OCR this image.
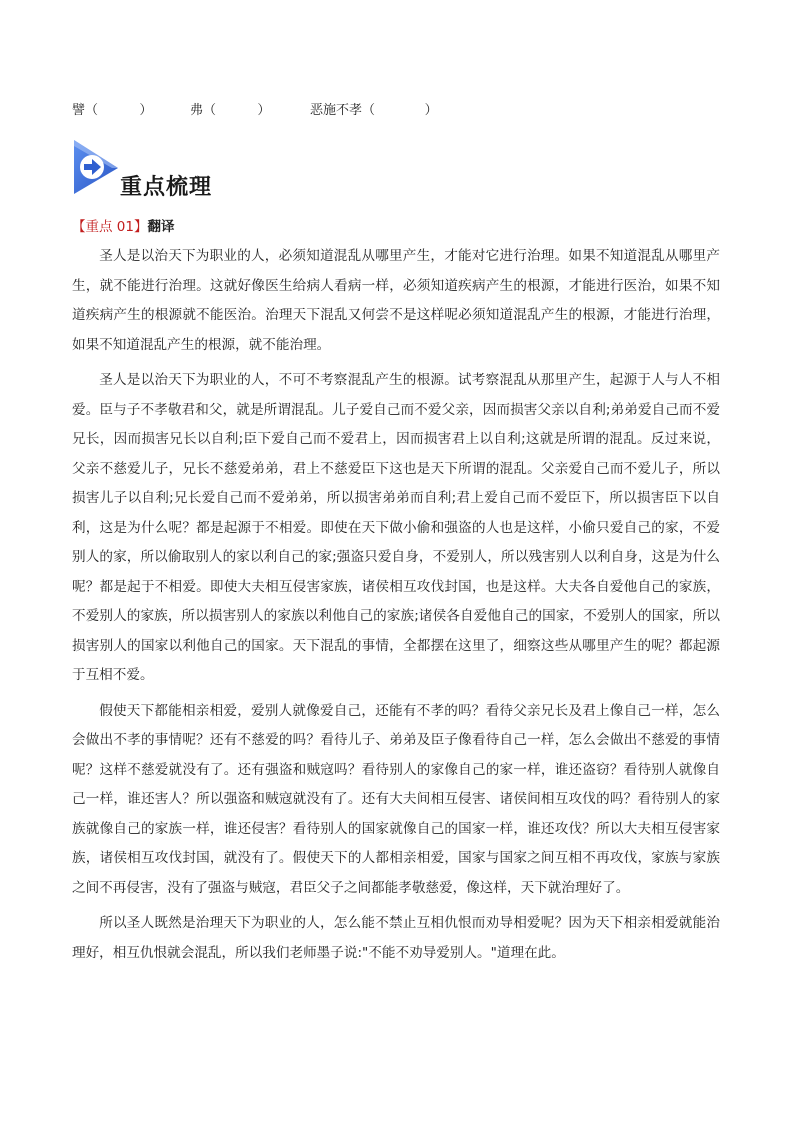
譬（          ）	弗（          ）	恶施不孝（            ）
重点梳理
【重点 01】翻译

圣人是以治天下为职业的人，必须知道混乱从哪里产生，才能对它进行治理。如果不知道混乱从哪里产生，就不能进行治理。这就好像医生给病人看病一样，必须知道疾病产生的根源，才能进行医治，如果不知道疾病产生的根源就不能医治。治理天下混乱又何尝不是这样呢必须知道混乱产生的根源，才能进行治理，如果不知道混乱产生的根源，就不能治理。

圣人是以治天下为职业的人，不可不考察混乱产生的根源。试考察混乱从那里产生，起源于人与人不相爱。臣与子不孝敬君和父，就是所谓混乱。儿子爱自己而不爱父亲，因而损害父亲以自利;弟弟爱自己而不爱兄长，因而损害兄长以自利;臣下爱自己而不爱君上，因而损害君上以自利;这就是所谓的混乱。反过来说，父亲不慈爱儿子，兄长不慈爱弟弟，君上不慈爱臣下这也是天下所谓的混乱。父亲爱自己而不爱儿子，所以损害儿子以自利;兄长爱自己而不爱弟弟，所以损害弟弟而自利;君上爱自己而不爱臣下，所以损害臣下以自利，这是为什么呢？都是起源于不相爱。即使在天下做小偷和强盗的人也是这样，小偷只爱自己的家，不爱别人的家，所以偷取别人的家以利自己的家;强盗只爱自身，不爱别人，所以残害别人以利自身，这是为什么呢？都是起于不相爱。即使大夫相互侵害家族，诸侯相互攻伐封国，也是这样。大夫各自爱他自己的家族，不爱别人的家族，所以损害别人的家族以利他自己的家族;诸侯各自爱他自己的国家，不爱别人的国家，所以损害别人的国家以利他自己的国家。天下混乱的事情，全都摆在这里了，细察这些从哪里产生的呢？都起源于互相不爱。

假使天下都能相亲相爱，爱别人就像爱自己，还能有不孝的吗？看待父亲兄长及君上像自己一样，怎么会做出不孝的事情呢？还有不慈爱的吗？看待儿子、弟弟及臣子像看待自己一样，怎么会做出不慈爱的事情呢？这样不慈爱就没有了。还有强盗和贼寇吗？看待别人的家像自己的家一样，谁还盗窃？看待别人就像自己一样，谁还害人？所以强盗和贼寇就没有了。还有大夫间相互侵害、诸侯间相互攻伐的吗？看待别人的家族就像自己的家族一样，谁还侵害？看待别人的国家就像自己的国家一样，谁还攻伐？所以大夫相互侵害家族，诸侯相互攻伐封国，就没有了。假使天下的人都相亲相爱，国家与国家之间互相不再攻伐，家族与家族之间不再侵害，没有了强盗与贼寇，君臣父子之间都能孝敬慈爱，像这样，天下就治理好了。

所以圣人既然是治理天下为职业的人，怎么能不禁止互相仇恨而劝导相爱呢？因为天下相亲相爱就能治理好，相互仇恨就会混乱，所以我们老师墨子说:"不能不劝导爱别人。"道理在此。
